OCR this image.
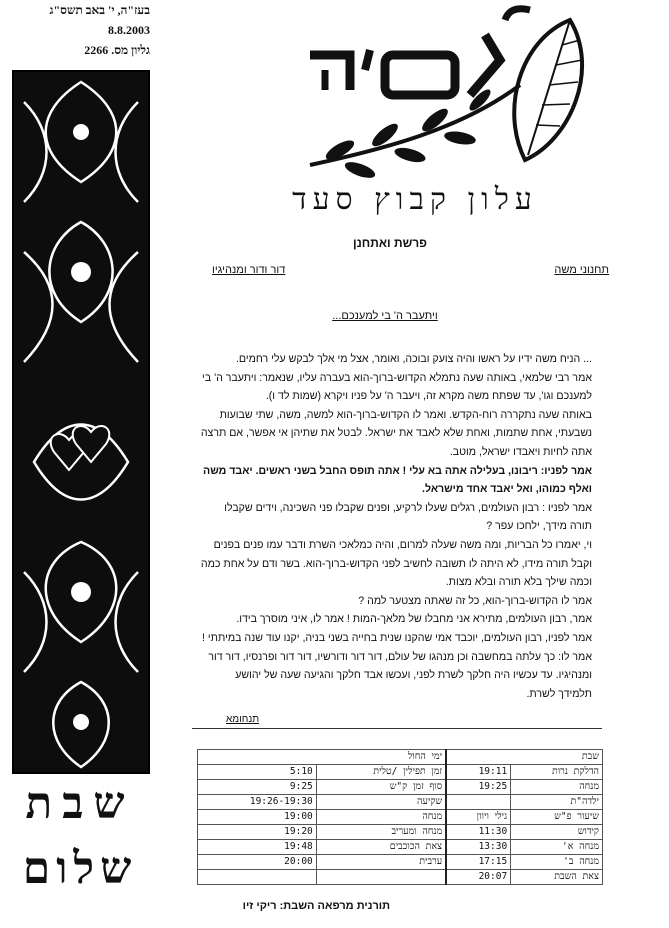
בעז"ה, י' באב תשס"ג
8.8.2003
גליון מס. 2266
שבת
שלום
עלון קבוץ סעד
פרשת ואתחנן
תחנוני משה
דור ודור ומנהיגיו
ויתעבר ה' בי למענכם...

... הניח משה ידיו על ראשו והיה צועק ובוכה, ואומר, אצל מי אלך לבקש עלי רחמים.

אמר רבי שלמאי, באותה שעה נתמלא הקדוש-ברוך-הוא בעברה עליו, שנאמר: ויתעבר ה' בי למענכם וגו', עד שפתח משה מקרא זה, ויעבר ה' על פניו ויקרא (שמות לד ו).

באותה שעה נתקררה רוח-הקדש. ואמר לו הקדוש-ברוך-הוא למשה, משה, שתי שבועות נשבעתי, אחת שתמות, ואחת שלא לאבד את ישראל. לבטל את שתיהן אי אפשר, אם תרצה אתה לחיות ויאבדו ישראל, מוטב.

אמר לפניו: ריבונו, בעלילה אתה בא עלי ! אתה תופס החבל בשני ראשים. יאבד משה ואלף כמוהו, ואל יאבד אחד מישראל.

אמר לפניו : רבון העולמים, רגלים שעלו לרקיע, ופנים שקבלו פני השכינה, וידים שקבלו תורה מידך, ילחכו עפר ?

וי, יאמרו כל הבריות, ומה משה שעלה למרום, והיה כמלאכי השרת ודבר עמו פנים בפנים וקבל תורה מידו, לא היתה לו תשובה לחשיב לפני הקדוש-ברוך-הוא. בשר ודם על אחת כמה וכמה שילך בלא תורה ובלא מצות.

אמר לו הקדוש-ברוך-הוא, כל זה שאתה מצטער למה ?

אמר, רבון העולמים, מתירא אני מחבלו של מלאך-המות ! אמר לו, איני מוסרך בידו.

אמר לפניו, רבון העולמים, יוכבד אמי שהקנו שנית בחייה בשני בניה, יקנו עוד שנה במיתתי !

אמר לו: כך עלתה במחשבה וכן מנהגו של עולם, דור דור ודורשיו, דור דור ופרנסיו, דור דור ומנהיגיו. עד עכשיו היה חלקך לשרת לפני, ועכשו אבד חלקך והגיעה שעה של יהושע תלמידך לשרת.

תנחומא
שבת		ימי החול	
הדלקת נרות	19:11	זמן תפילין /טלית	5:10
מנחה	19:25	סוף זמן ק"ש	9:25
ילדה"ת		שקיעה	19:26-19:30
שיעור פ"ש	גילי ויוון	מנחה	19:00
קידוש	11:30	מנחה ומעריב	19:20
מנחה א'	13:30	צאת הכוכבים	19:48
מנחה ב'	17:15	ערבית	20:00
צאת השבת	20:07		
תורנית מרפאה השבת: ריקי זיו
